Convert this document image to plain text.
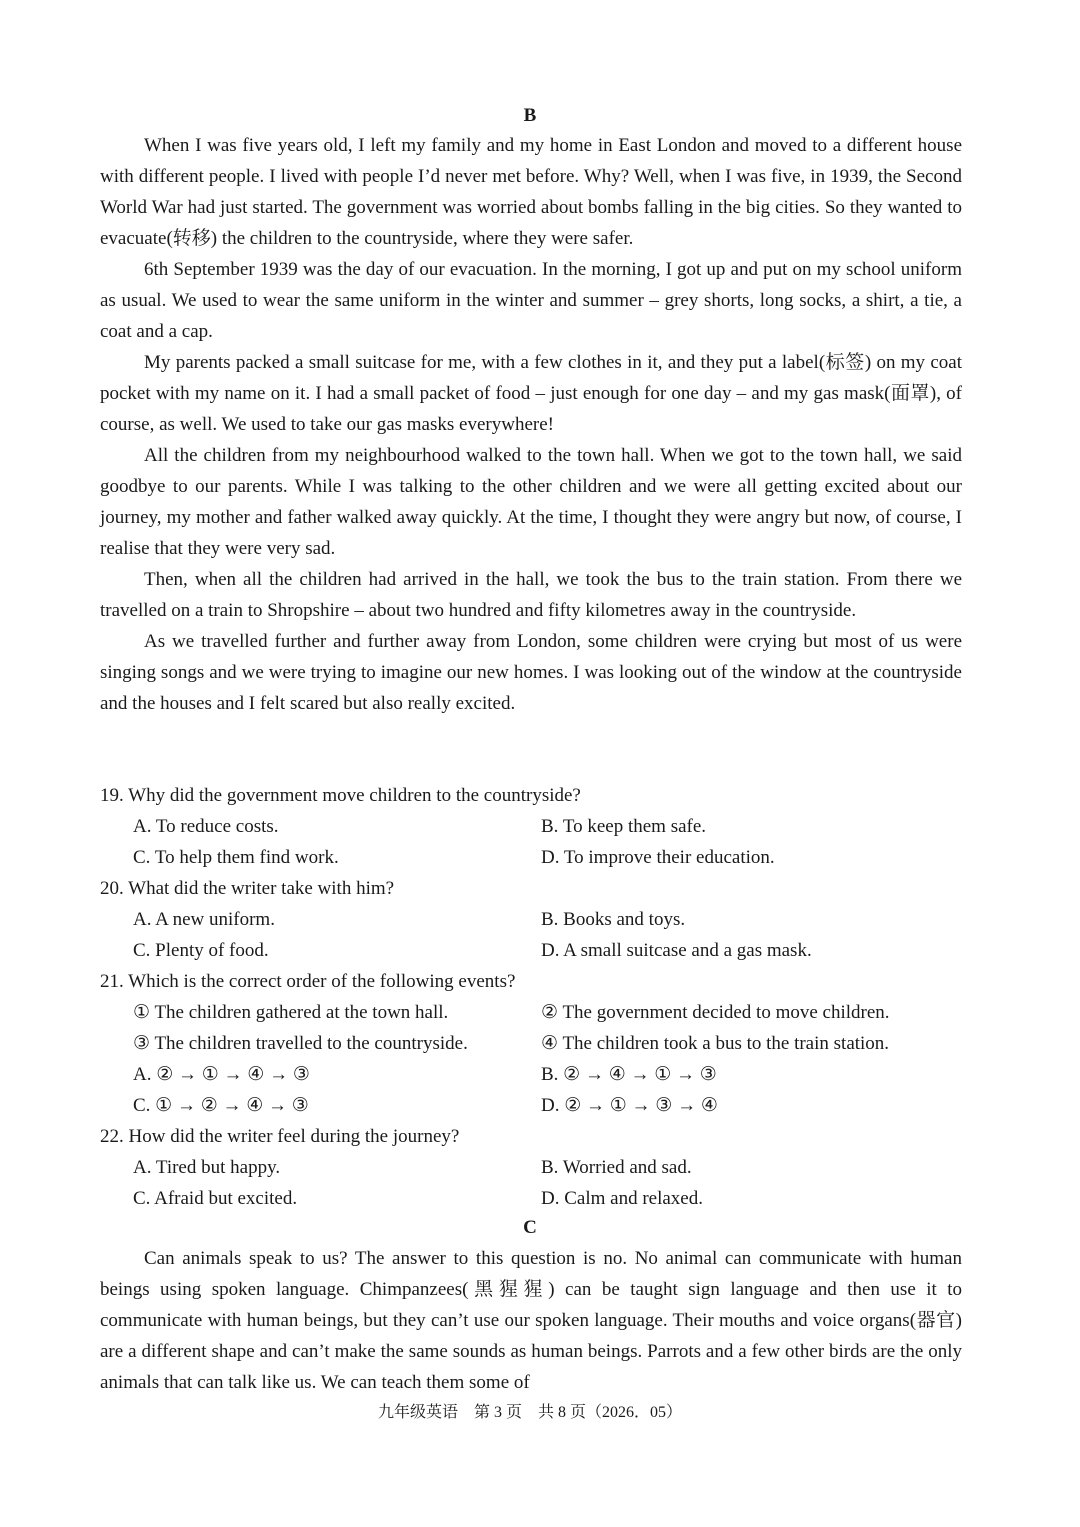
B

When I was five years old, I left my family and my home in East London and moved to a different house with different people. I lived with people I’d never met before. Why? Well, when I was five, in 1939, the Second World War had just started. The government was worried about bombs falling in the big cities. So they wanted to evacuate(转移) the children to the countryside, where they were safer.

6th September 1939 was the day of our evacuation. In the morning, I got up and put on my school uniform as usual. We used to wear the same uniform in the winter and summer – grey shorts, long socks, a shirt, a tie, a coat and a cap.

My parents packed a small suitcase for me, with a few clothes in it, and they put a label(标签) on my coat pocket with my name on it. I had a small packet of food – just enough for one day – and my gas mask(面罩), of course, as well. We used to take our gas masks everywhere!

All the children from my neighbourhood walked to the town hall. When we got to the town hall, we said goodbye to our parents. While I was talking to the other children and we were all getting excited about our journey, my mother and father walked away quickly. At the time, I thought they were angry but now, of course, I realise that they were very sad.

Then, when all the children had arrived in the hall, we took the bus to the train station. From there we travelled on a train to Shropshire – about two hundred and fifty kilometres away in the countryside.

As we travelled further and further away from London, some children were crying but most of us were singing songs and we were trying to imagine our new homes. I was looking out of the window at the countryside and the houses and I felt scared but also really excited.

19. Why did the government move children to the countryside?
A. To reduce costs.	B. To keep them safe.
C. To help them find work.	D. To improve their education.
20. What did the writer take with him?
A. A new uniform.	B. Books and toys.
C. Plenty of food.	D. A small suitcase and a gas mask.
21. Which is the correct order of the following events?
① The children gathered at the town hall.	② The government decided to move children.
③ The children travelled to the countryside.	④ The children took a bus to the train station.
A. ② → ① → ④ → ③	B. ② → ④ → ① → ③
C. ① → ② → ④ → ③	D. ② → ① → ③ → ④
22. How did the writer feel during the journey?
A. Tired but happy.	B. Worried and sad.
C. Afraid but excited.	D. Calm and relaxed.
C

Can animals speak to us? The answer to this question is no. No animal can communicate with human beings using spoken language. Chimpanzees(黑猩猩) can be taught sign language and then use it to communicate with human beings, but they can’t use our spoken language. Their mouths and voice organs(器官) are a different shape and can’t make the same sounds as human beings. Parrots and a few other birds are the only animals that can talk like us. We can teach them some of

九年级英语　第 3 页　共 8 页（2026．05）
